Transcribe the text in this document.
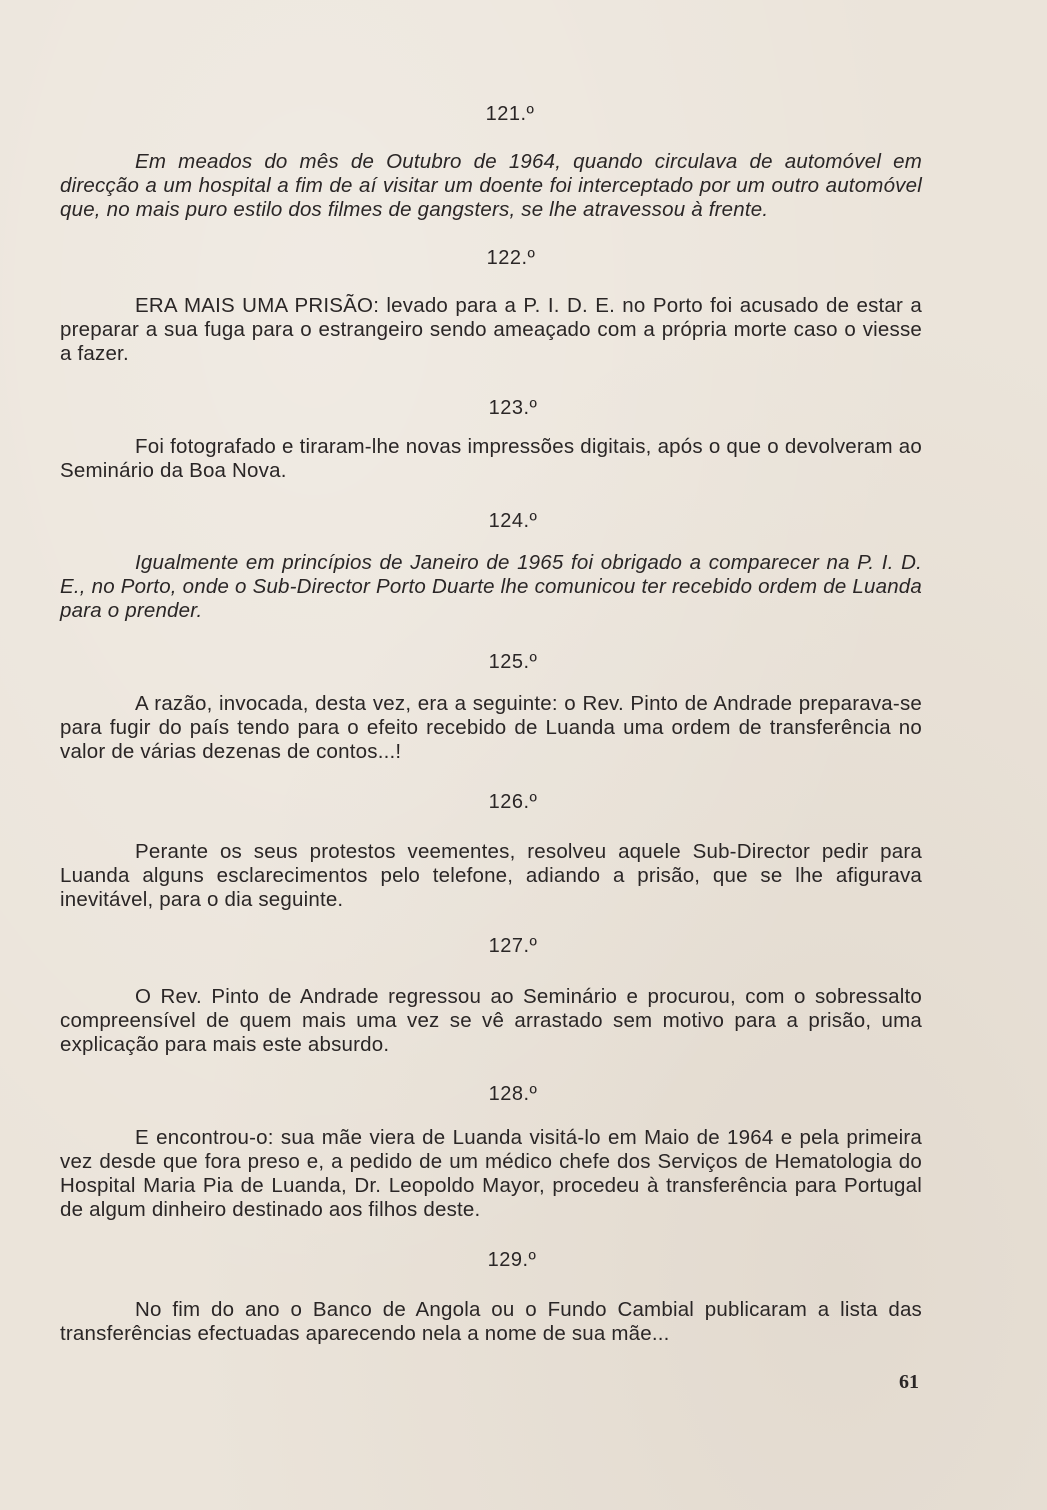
121.º

Em meados do mês de Outubro de 1964, quando circulava de automóvel em direcção a um hospital a fim de aí visitar um doente foi interceptado por um outro automóvel que, no mais puro estilo dos filmes de gangsters, se lhe atravessou à frente.

122.º

ERA MAIS UMA PRISÃO: levado para a P. I. D. E. no Porto foi acusado de estar a preparar a sua fuga para o estrangeiro sendo ameaçado com a própria morte caso o viesse a fazer.

123.º

Foi fotografado e tiraram-lhe novas impressões digitais, após o que o devolveram ao Seminário da Boa Nova.

124.º

Igualmente em princípios de Janeiro de 1965 foi obrigado a comparecer na P. I. D. E., no Porto, onde o Sub-Director Porto Duarte lhe comunicou ter recebido ordem de Luanda para o prender.

125.º

A razão, invocada, desta vez, era a seguinte: o Rev. Pinto de Andrade preparava-se para fugir do país tendo para o efeito recebido de Luanda uma ordem de transferência no valor de várias dezenas de contos...!

126.º

Perante os seus protestos veementes, resolveu aquele Sub-Director pedir para Luanda alguns esclarecimentos pelo telefone, adiando a prisão, que se lhe afigurava inevitável, para o dia seguinte.

127.º

O Rev. Pinto de Andrade regressou ao Seminário e procurou, com o sobressalto compreensível de quem mais uma vez se vê arrastado sem motivo para a prisão, uma explicação para mais este absurdo.

128.º

E encontrou-o: sua mãe viera de Luanda visitá-lo em Maio de 1964 e pela primeira vez desde que fora preso e, a pedido de um médico chefe dos Serviços de Hematologia do Hospital Maria Pia de Luanda, Dr. Leopoldo Mayor, procedeu à transferência para Portugal de algum dinheiro destinado aos filhos deste.

129.º

No fim do ano o Banco de Angola ou o Fundo Cambial publicaram a lista das transferências efectuadas aparecendo nela a nome de sua mãe...

61
